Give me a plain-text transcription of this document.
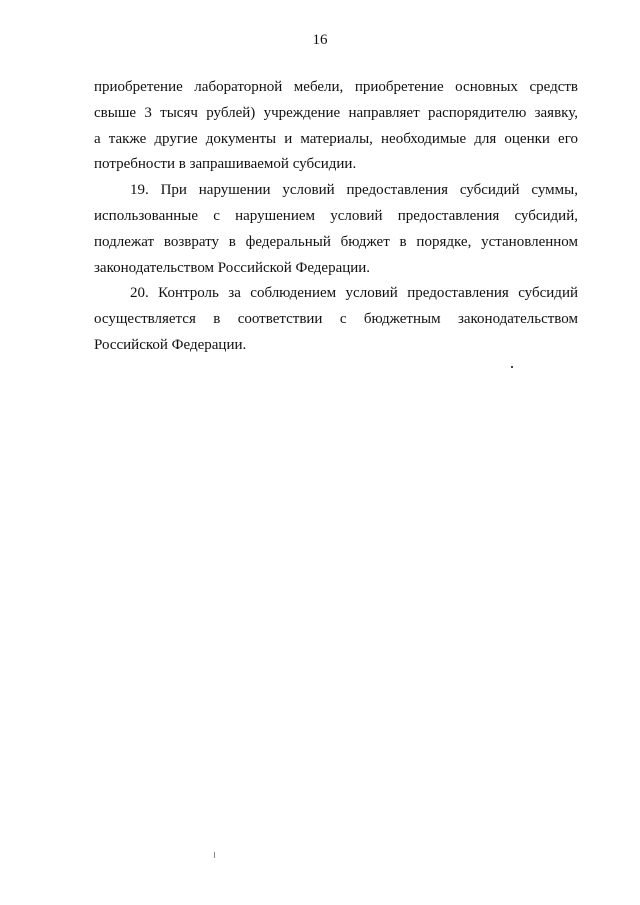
16
приобретение лабораторной мебели, приобретение основных средств
свыше 3 тысяч рублей) учреждение направляет распорядителю заявку,
а также другие документы и материалы, необходимые для оценки его
потребности в запрашиваемой субсидии.
19. При нарушении условий предоставления субсидий суммы,
использованные с нарушением условий предоставления субсидий,
подлежат возврату в федеральный бюджет в порядке, установленном
законодательством Российской Федерации.
20. Контроль за соблюдением условий предоставления субсидий
осуществляется в соответствии с бюджетным законодательством
Российской Федерации.
